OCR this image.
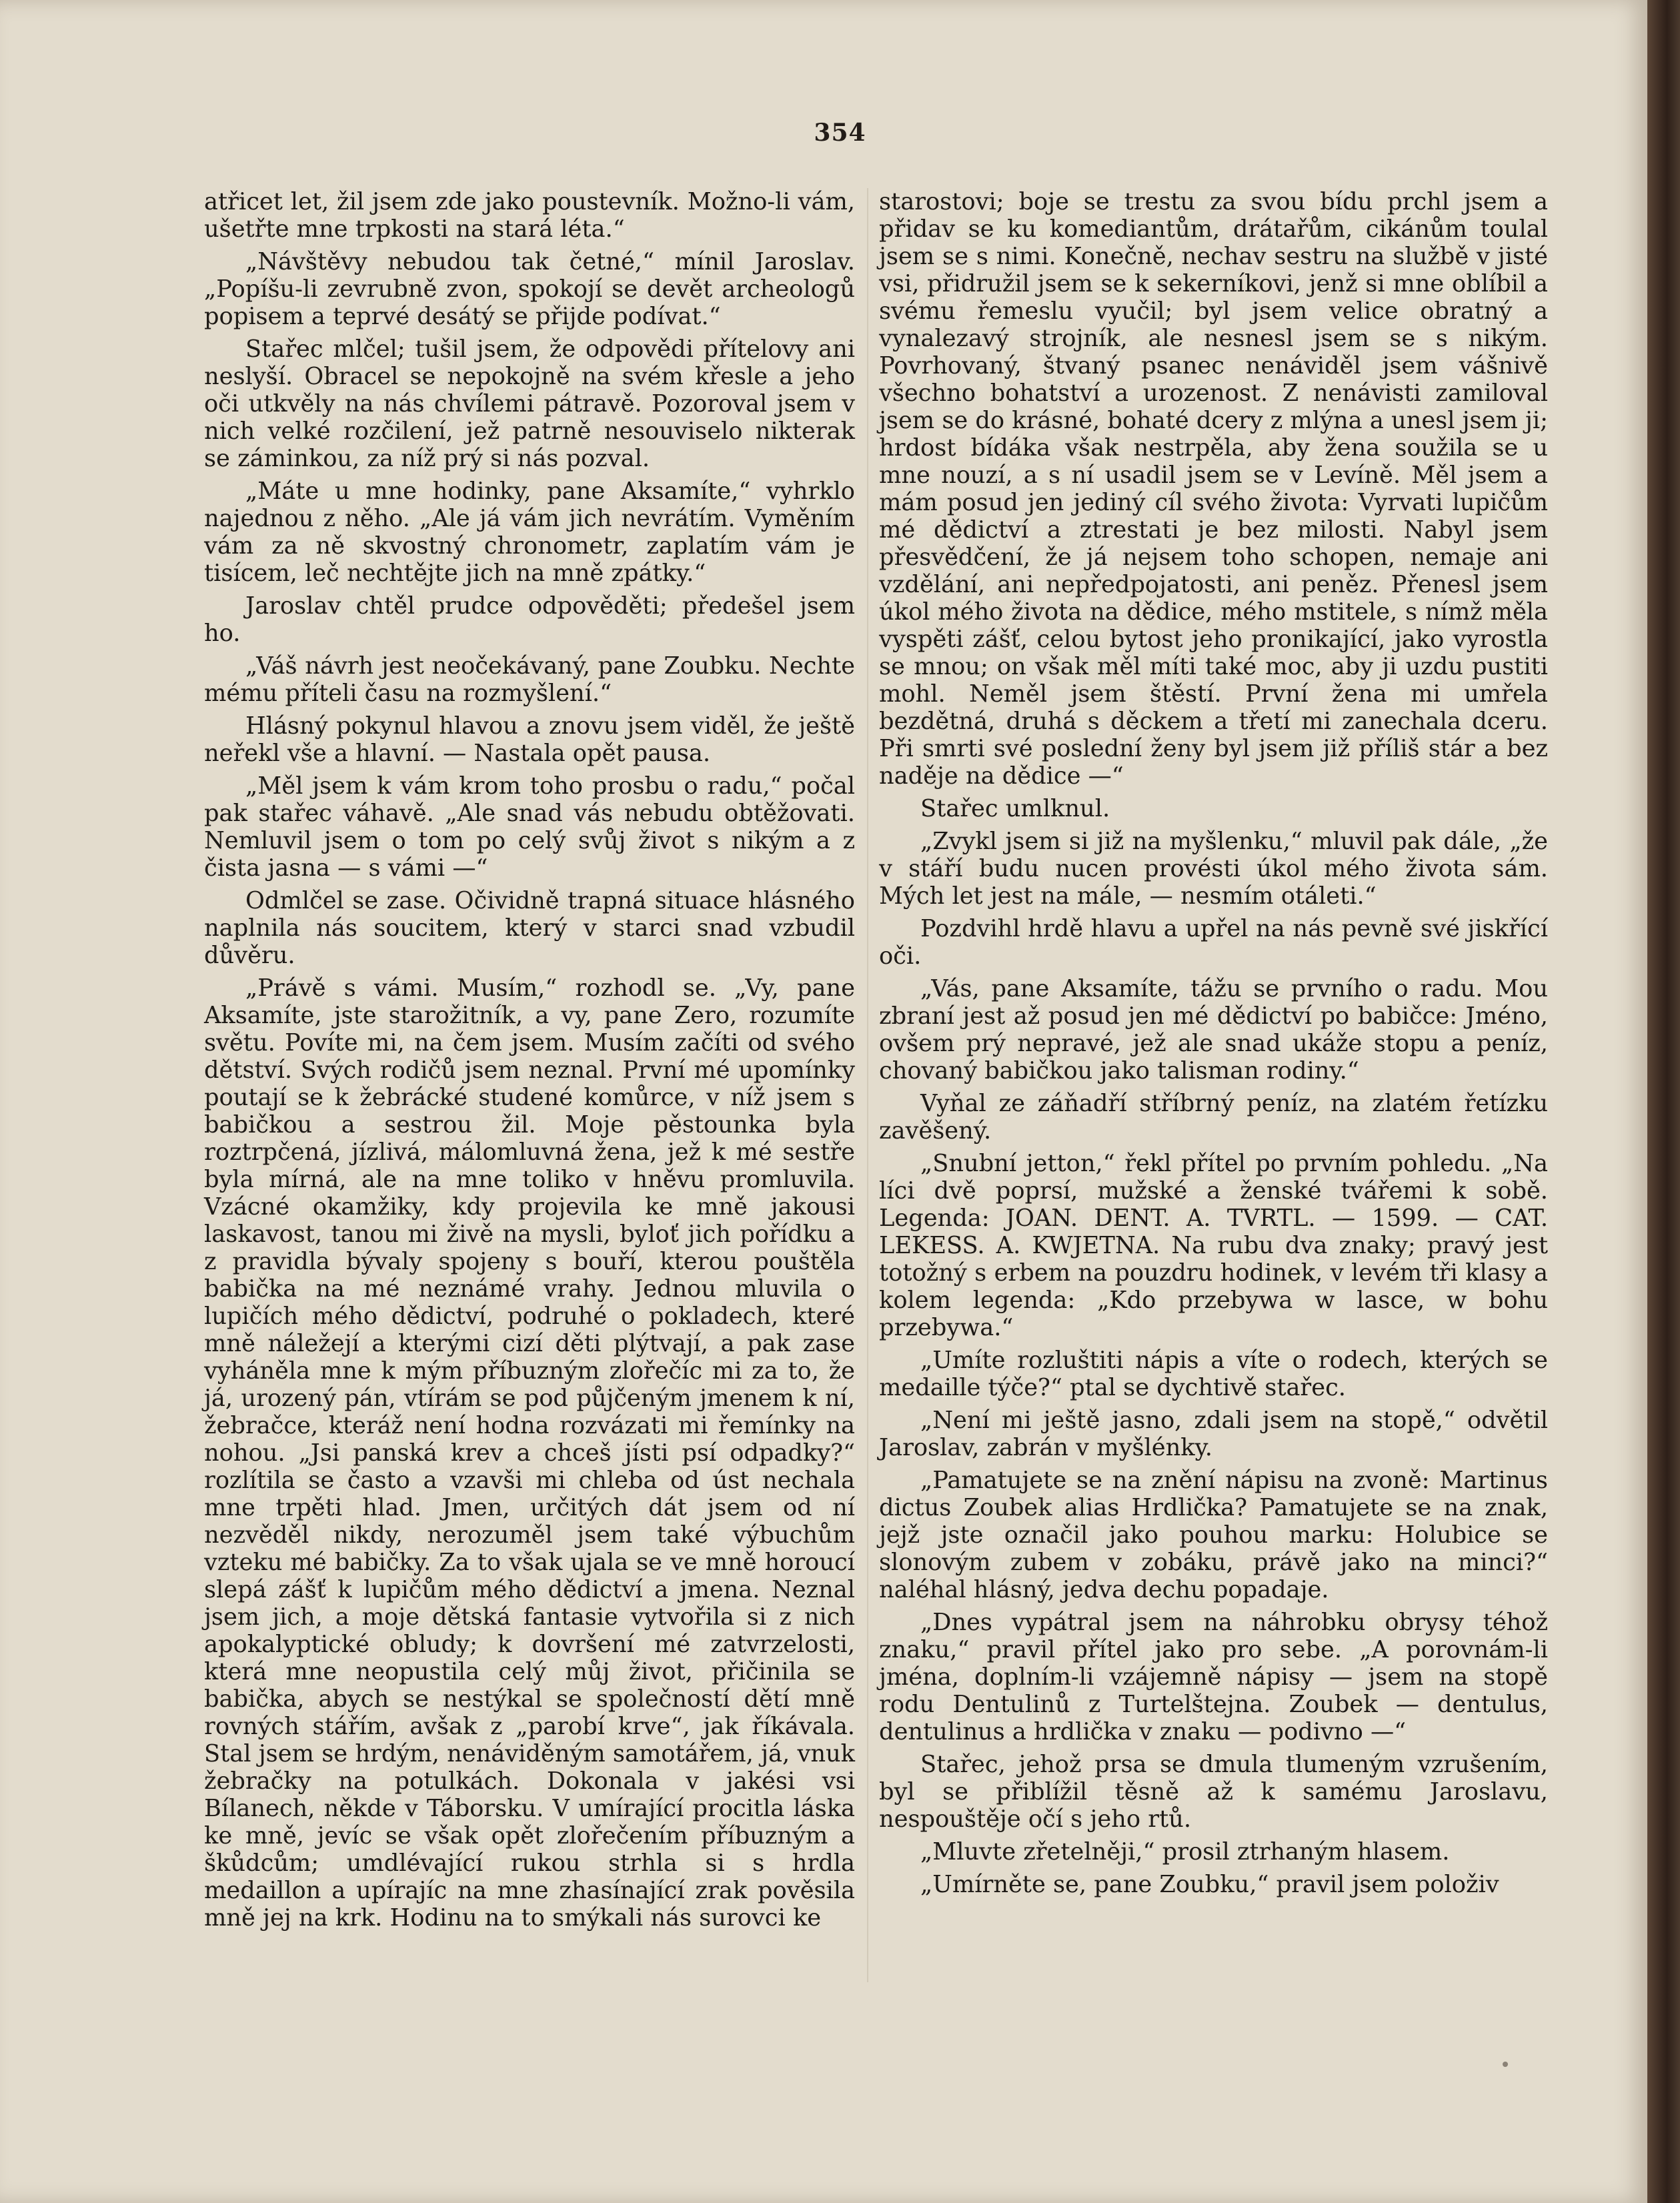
354

atřicet let, žil jsem zde jako poustevník. Možno-li vám, ušetřte mne trpkosti na stará léta.“

„Návštěvy nebudou tak četné,“ mínil Jaroslav. „Popíšu-li zevrubně zvon, spokojí se devět archeologů popisem a teprvé desátý se přijde podívat.“

Stařec mlčel; tušil jsem, že odpovědi přítelovy ani neslyší. Obracel se nepokojně na svém křesle a jeho oči utkvěly na nás chvílemi pátravě. Pozoroval jsem v nich velké rozčilení, jež patrně nesouviselo nikterak se záminkou, za níž prý si nás pozval.

„Máte u mne hodinky, pane Aksamíte,“ vyhrklo najednou z něho. „Ale já vám jich nevrátím. Vyměním vám za ně skvostný chronometr, zaplatím vám je tisícem, leč nechtějte jich na mně zpátky.“

Jaroslav chtěl prudce odpověděti; předešel jsem ho.

„Váš návrh jest neočekávaný, pane Zoubku. Nechte mému příteli času na rozmyšlení.“

Hlásný pokynul hlavou a znovu jsem viděl, že ještě neřekl vše a hlavní. — Nastala opět pausa.

„Měl jsem k vám krom toho prosbu o radu,“ počal pak stařec váhavě. „Ale snad vás nebudu obtěžovati. Nemluvil jsem o tom po celý svůj život s nikým a z čista jasna — s vámi —“

Odmlčel se zase. Očividně trapná situace hlásného naplnila nás soucitem, který v starci snad vzbudil důvěru.

„Právě s vámi. Musím,“ rozhodl se. „Vy, pane Aksamíte, jste starožitník, a vy, pane Zero, rozumíte světu. Povíte mi, na čem jsem. Musím začíti od svého dětství. Svých rodičů jsem neznal. První mé upomínky poutají se k žebrácké studené komůrce, v níž jsem s babičkou a sestrou žil. Moje pěstounka byla roztrpčená, jízlivá, málomluvná žena, jež k mé sestře byla mírná, ale na mne toliko v hněvu promluvila. Vzácné okamžiky, kdy projevila ke mně jakousi laskavost, tanou mi živě na mysli, byloť jich pořídku a z pravidla bývaly spojeny s bouří, kterou pouštěla babička na mé neznámé vrahy. Jednou mluvila o lupičích mého dědictví, podruhé o pokladech, které mně náležejí a kterými cizí děti plýtvají, a pak zase vyháněla mne k mým příbuzným zlořečíc mi za to, že já, urozený pán, vtírám se pod půjčeným jmenem k ní, žebračce, kteráž není hodna rozvázati mi řemínky na nohou. „Jsi panská krev a chceš jísti psí odpadky?“ rozlítila se často a vzavši mi chleba od úst nechala mne trpěti hlad. Jmen, určitých dát jsem od ní nezvěděl nikdy, nerozuměl jsem také výbuchům vzteku mé babičky. Za to však ujala se ve mně horoucí slepá zášť k lupičům mého dědictví a jmena. Neznal jsem jich, a moje dětská fantasie vytvořila si z nich apokalyptické obludy; k dovršení mé zatvrzelosti, která mne neopustila celý můj život, přičinila se babička, abych se nestýkal se společností dětí mně rovných stářím, avšak z „parobí krve“, jak říkávala. Stal jsem se hrdým, nenáviděným samotářem, já, vnuk žebračky na potulkách. Dokonala v jakési vsi Bílanech, někde v Táborsku. V umírající procitla láska ke mně, jevíc se však opět zlořečením příbuzným a škůdcům; umdlévající rukou strhla si s hrdla medaillon a upírajíc na mne zhasínající zrak pověsila mně jej na krk. Hodinu na to smýkali nás surovci ke

starostovi; boje se trestu za svou bídu prchl jsem a přidav se ku komediantům, drátařům, cikánům toulal jsem se s nimi. Konečně, nechav sestru na službě v jisté vsi, přidružil jsem se k sekerníkovi, jenž si mne oblíbil a svému řemeslu vyučil; byl jsem velice obratný a vynalezavý strojník, ale nesnesl jsem se s nikým. Povrhovaný, štvaný psanec nenáviděl jsem vášnivě všechno bohatství a urozenost. Z nenávisti zamiloval jsem se do krásné, bohaté dcery z mlýna a unesl jsem ji; hrdost bídáka však nestrpěla, aby žena soužila se u mne nouzí, a s ní usadil jsem se v Levíně. Měl jsem a mám posud jen jediný cíl svého života: Vyrvati lupičům mé dědictví a ztrestati je bez milosti. Nabyl jsem přesvědčení, že já nejsem toho schopen, nemaje ani vzdělání, ani nepředpojatosti, ani peněz. Přenesl jsem úkol mého života na dědice, mého mstitele, s nímž měla vyspěti zášť, celou bytost jeho pronikající, jako vyrostla se mnou; on však měl míti také moc, aby ji uzdu pustiti mohl. Neměl jsem štěstí. První žena mi umřela bezdětná, druhá s děckem a třetí mi zanechala dceru. Při smrti své poslední ženy byl jsem již příliš stár a bez naděje na dědice —“

Stařec umlknul.

„Zvykl jsem si již na myšlenku,“ mluvil pak dále, „že v stáří budu nucen provésti úkol mého života sám. Mých let jest na mále, — nesmím otáleti.“

Pozdvihl hrdě hlavu a upřel na nás pevně své jiskřící oči.

„Vás, pane Aksamíte, tážu se prvního o radu. Mou zbraní jest až posud jen mé dědictví po babičce: Jméno, ovšem prý nepravé, jež ale snad ukáže stopu a peníz, chovaný babičkou jako talisman rodiny.“

Vyňal ze záňadří stříbrný peníz, na zlatém řetízku zavěšený.

„Snubní jetton,“ řekl přítel po prvním pohledu. „Na líci dvě poprsí, mužské a ženské tvářemi k sobě. Legenda: JOAN. DENT. A. TVRTL. — 1599. — CAT. LEKESS. A. KWJETNA. Na rubu dva znaky; pravý jest totožný s erbem na pouzdru hodinek, v levém tři klasy a kolem legenda: „Kdo przebywa w lasce, w bohu przebywa.“

„Umíte rozluštiti nápis a víte o rodech, kterých se medaille týče?“ ptal se dychtivě stařec.

„Není mi ještě jasno, zdali jsem na stopě,“ odvětil Jaroslav, zabrán v myšlénky.

„Pamatujete se na znění nápisu na zvoně: Martinus dictus Zoubek alias Hrdlička? Pamatujete se na znak, jejž jste označil jako pouhou marku: Holubice se slonovým zubem v zobáku, právě jako na minci?“ naléhal hlásný, jedva dechu popadaje.

„Dnes vypátral jsem na náhrobku obrysy téhož znaku,“ pravil přítel jako pro sebe. „A porovnám-li jména, doplním-li vzájemně nápisy — jsem na stopě rodu Dentulinů z Turtelštejna. Zoubek — dentulus, dentulinus a hrdlička v znaku — podivno —“

Stařec, jehož prsa se dmula tlumeným vzrušením, byl se přiblížil těsně až k samému Jaroslavu, nespouštěje očí s jeho rtů.

„Mluvte zřetelněji,“ prosil ztrhaným hlasem.

„Umírněte se, pane Zoubku,“ pravil jsem položiv
